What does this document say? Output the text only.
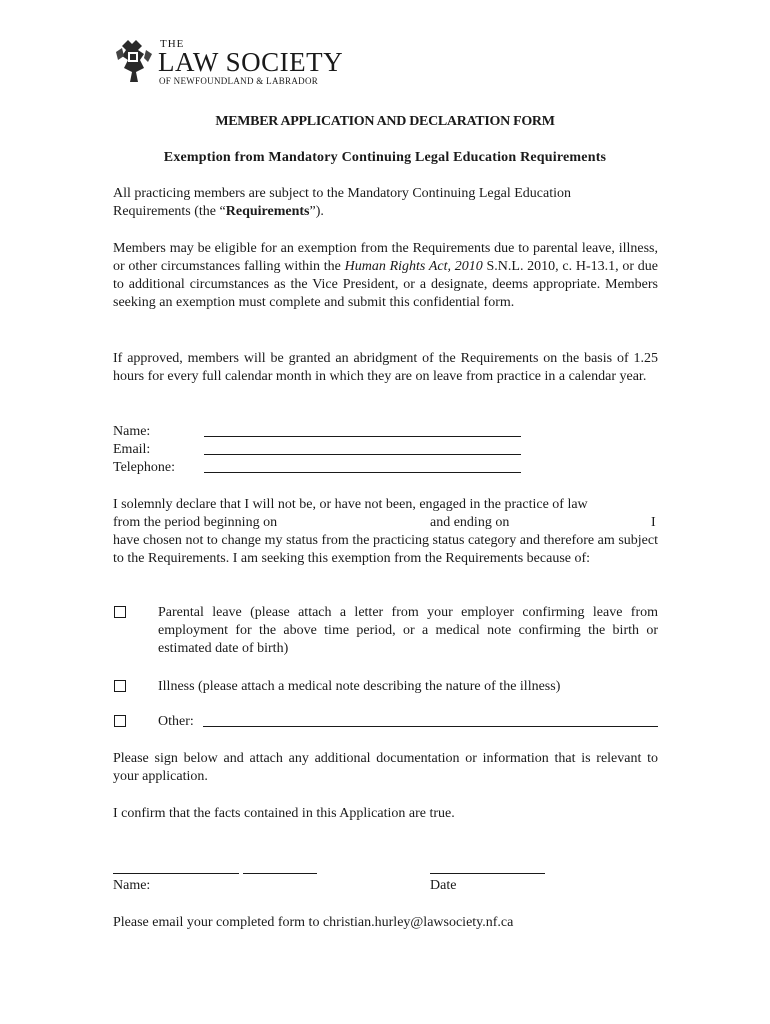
THE
LAW SOCIETY
OF NEWFOUNDLAND & LABRADOR
MEMBER APPLICATION AND DECLARATION FORM
Exemption from Mandatory Continuing Legal Education Requirements
All practicing members are subject to the Mandatory Continuing Legal Education
Requirements (the “Requirements”).
Members may be eligible for an exemption from the Requirements due to parental leave, illness, or other circumstances falling within the Human Rights Act, 2010 S.N.L. 2010, c. H-13.1, or due to additional circumstances as the Vice President, or a designate, deems appropriate. Members seeking an exemption must complete and submit this confidential form.
If approved, members will be granted an abridgment of the Requirements on the basis of 1.25 hours for every full calendar month in which they are on leave from practice in a calendar year.
Name:
Email:
Telephone:
I solemnly declare that I will not be, or have not been, engaged in the practice of law
from the period beginning on	and ending on	I
have chosen not to change my status from the practicing status category and therefore am subject to the Requirements. I am seeking this exemption from the Requirements because of:
Parental leave (please attach a letter from your employer confirming leave from employment for the above time period, or a medical note confirming the birth or estimated date of birth)
Illness (please attach a medical note describing the nature of the illness)
Other:
Please sign below and attach any additional documentation or information that is relevant to your application.
I confirm that the facts contained in this Application are true.
Name:	Date
Please email your completed form to christian.hurley@lawsociety.nf.ca
